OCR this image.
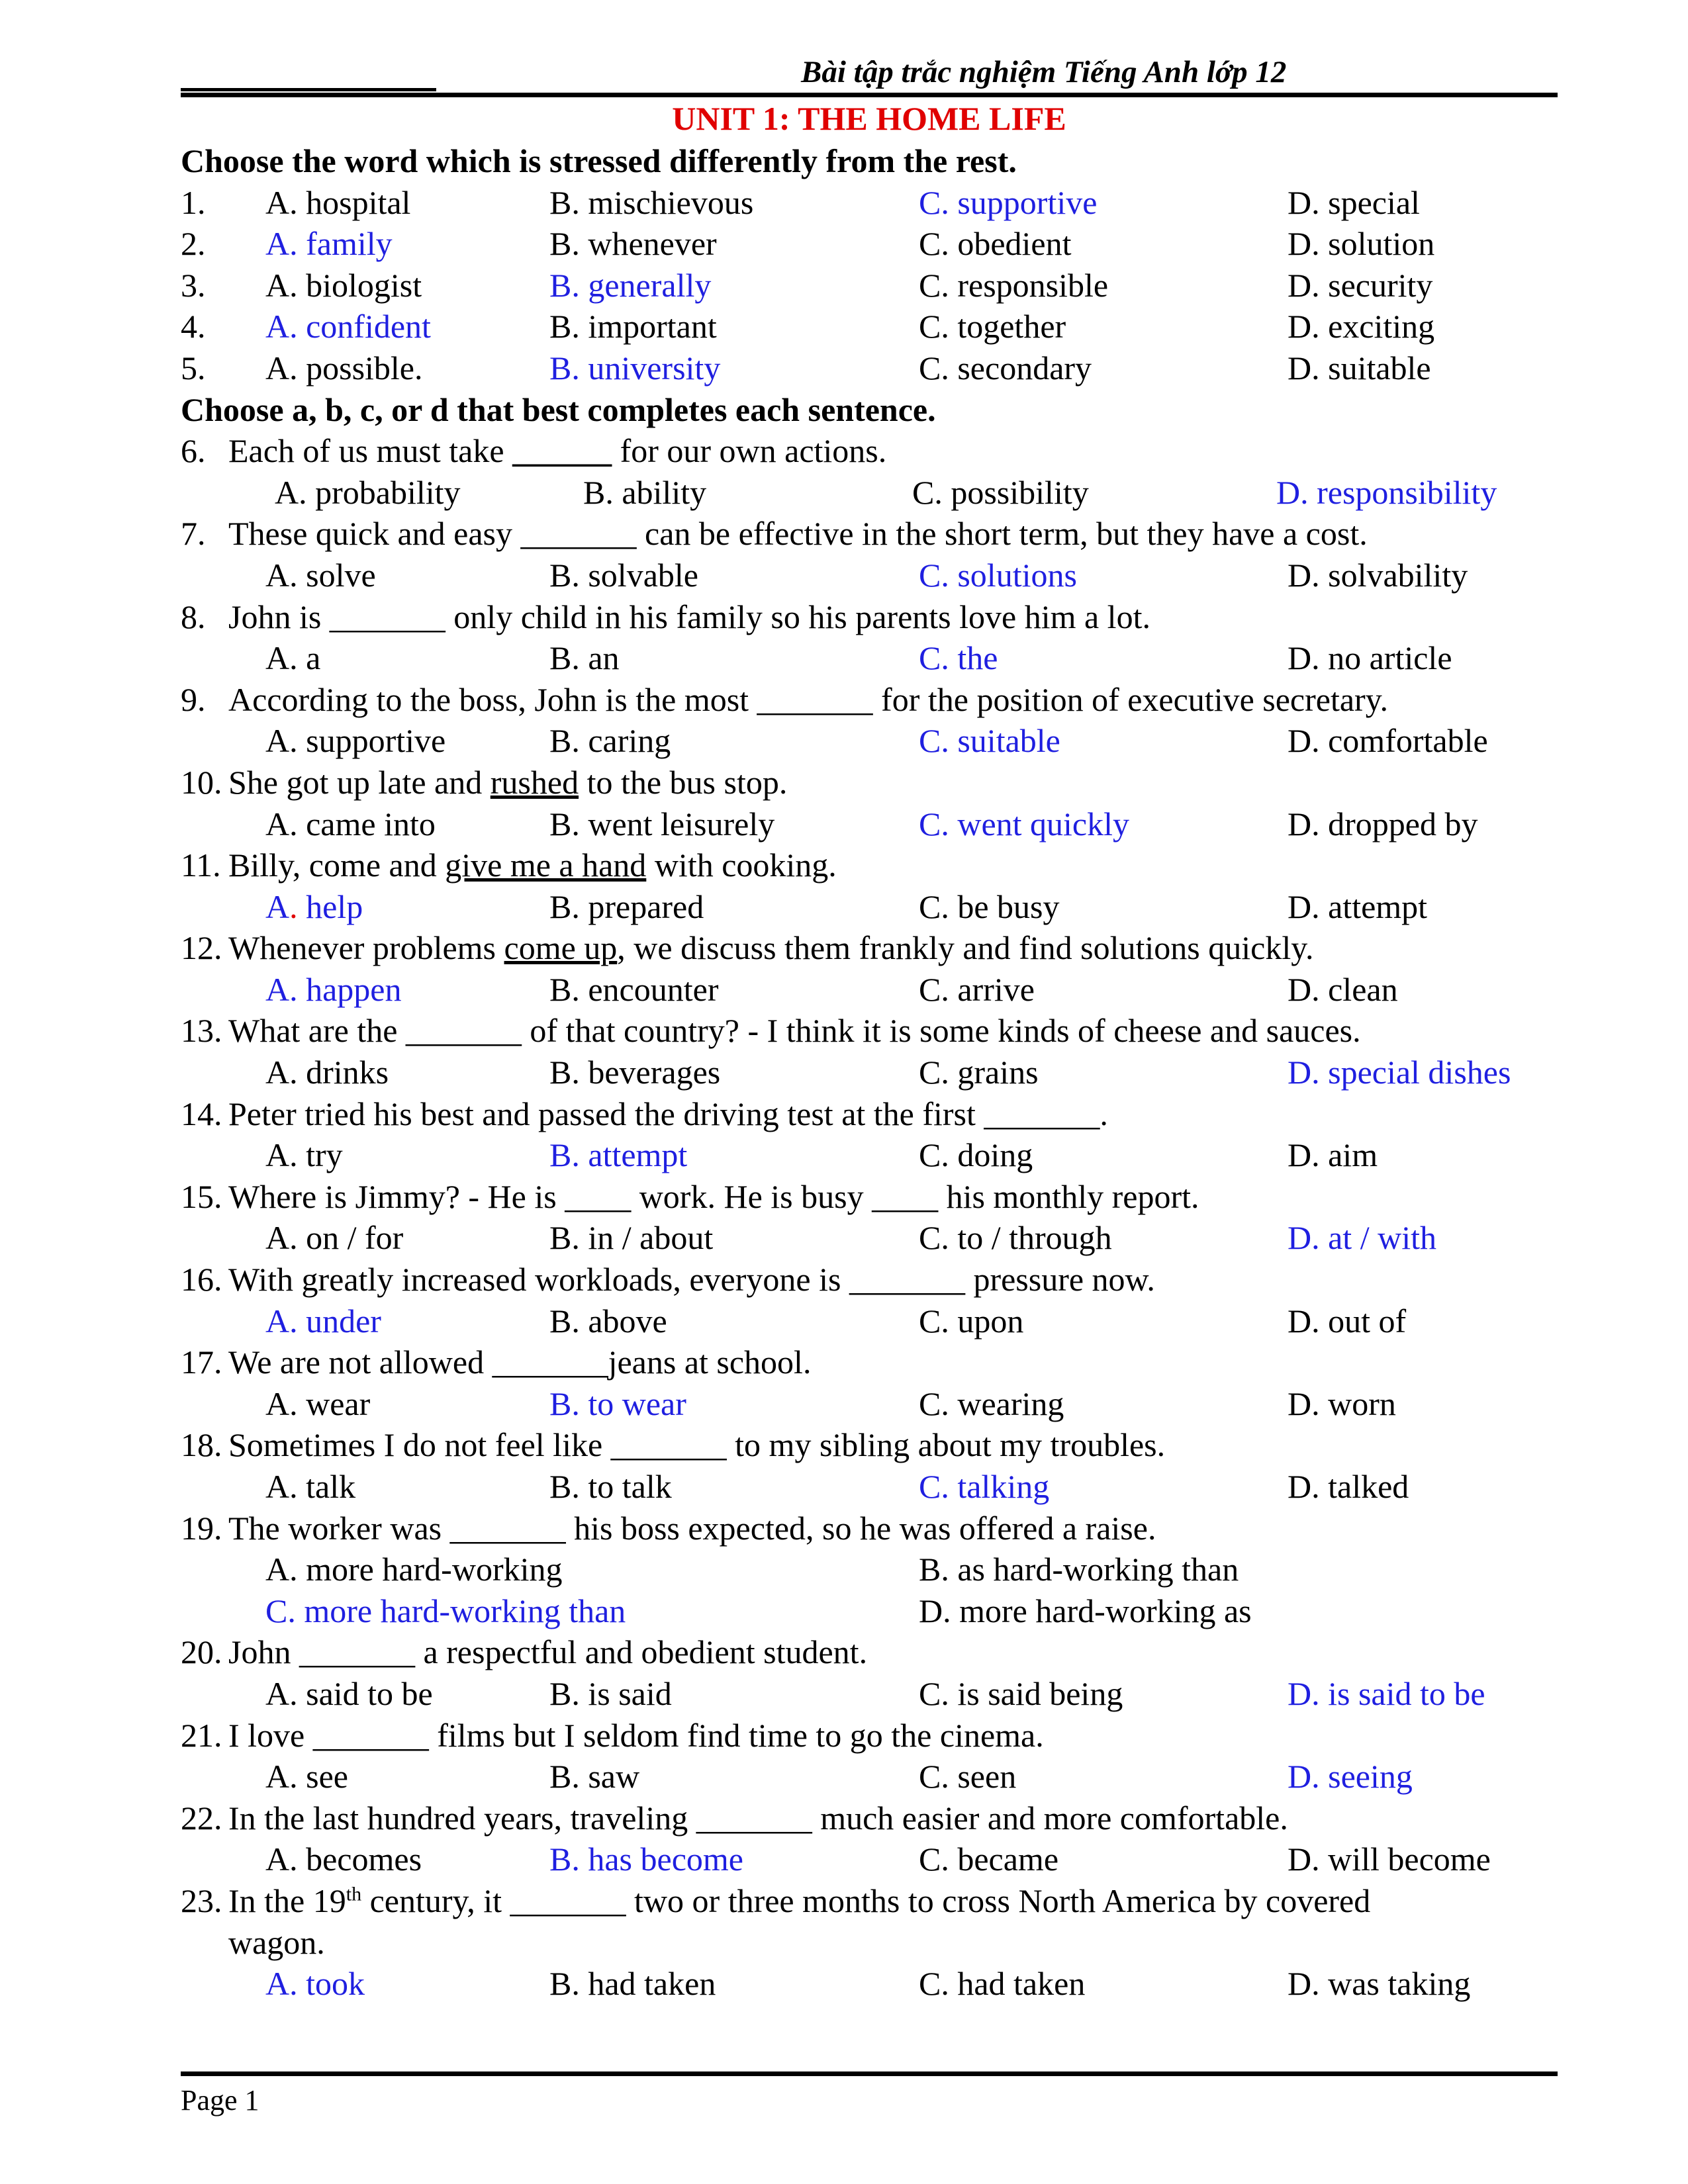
Bài tập trắc nghiệm Tiếng Anh lớp 12
UNIT 1: THE HOME LIFE
Choose the word which is stressed differently from the rest.
1. A. hospital	B. mischievous	C. supportive	D. special
2. A. family	B. whenever	C. obedient	D. solution
3. A. biologist	B. generally	C. responsible	D. security
4. A. confident	B. important	C. together	D. exciting
5. A. possible.	B. university	C. secondary	D. suitable
Choose a, b, c, or d that best completes each sentence.
6. Each of us must take ______ for our own actions.
A. probability	B. ability	C. possibility	D. responsibility
7. These quick and easy _______ can be effective in the short term, but they have a cost.
A. solve	B. solvable	C. solutions	D. solvability
8. John is _______ only child in his family so his parents love him a lot.
A. a	B. an	C. the	D. no article
9. According to the boss, John is the most _______ for the position of executive secretary.
A. supportive	B. caring	C. suitable	D. comfortable
10. She got up late and rushed to the bus stop.
A. came into	B. went leisurely	C. went quickly	D. dropped by
11. Billy, come and give me a hand with cooking.
A. help	B. prepared	C. be busy	D. attempt
12. Whenever problems come up, we discuss them frankly and find solutions quickly.
A. happen	B. encounter	C. arrive	D. clean
13. What are the _______ of that country? - I think it is some kinds of cheese and sauces.
A. drinks	B. beverages	C. grains	D. special dishes
14. Peter tried his best and passed the driving test at the first _______.
A. try	B. attempt	C. doing	D. aim
15. Where is Jimmy? - He is ____ work. He is busy ____ his monthly report.
A. on / for	B. in / about	C. to / through	D. at / with
16. With greatly increased workloads, everyone is _______ pressure now.
A. under	B. above	C. upon	D. out of
17. We are not allowed _______jeans at school.
A. wear	B. to wear	C. wearing	D. worn
18. Sometimes I do not feel like _______ to my sibling about my troubles.
A. talk	B. to talk	C. talking	D. talked
19. The worker was _______ his boss expected, so he was offered a raise.
A. more hard-working	B. as hard-working than
C. more hard-working than	D. more hard-working as
20. John _______ a respectful and obedient student.
A. said to be	B. is said	C. is said being	D. is said to be
21. I love _______ films but I seldom find time to go the cinema.
A. see	B. saw	C. seen	D. seeing
22. In the last hundred years, traveling _______ much easier and more comfortable.
A. becomes	B. has become	C. became	D. will become
23. In the 19th century, it _______ two or three months to cross North America by covered
wagon.
A. took	B. had taken	C. had taken	D. was taking
Page 1
